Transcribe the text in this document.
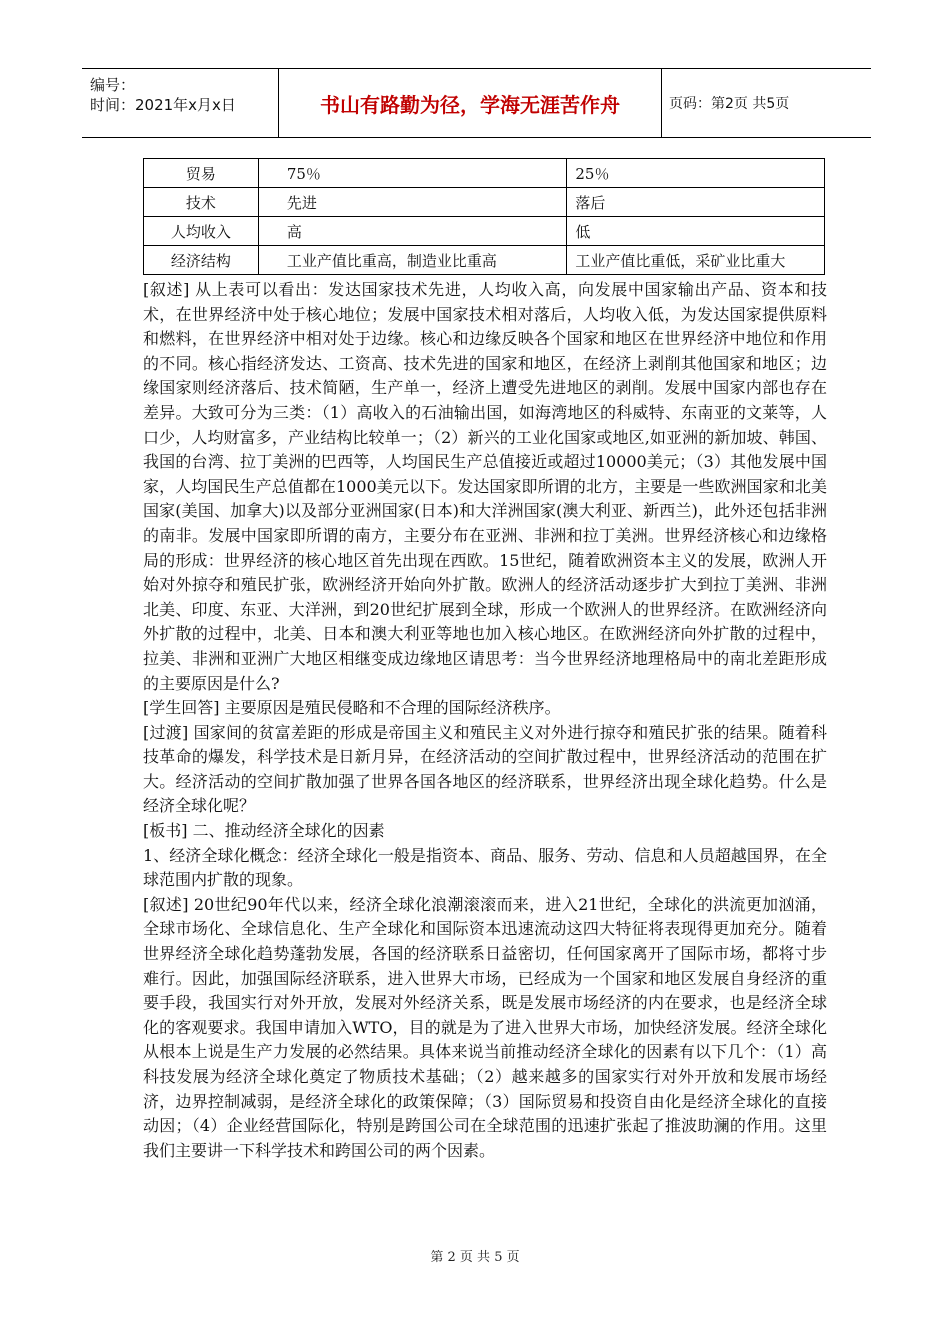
编号：
时间：2021年x月x日	书山有路勤为径，学海无涯苦作舟	页码：第2页 共5页
贸易	75％	25％
技术	先进	落后
人均收入	高	低
经济结构	工业产值比重高，制造业比重高	工业产值比重低，采矿业比重大

[叙述] 从上表可以看出：发达国家技术先进，人均收入高，向发展中国家输出产品、资本和技术，在世界经济中处于核心地位；发展中国家技术相对落后，人均收入低，为发达国家提供原料和燃料，在世界经济中相对处于边缘。核心和边缘反映各个国家和地区在世界经济中地位和作用的不同。核心指经济发达、工资高、技术先进的国家和地区，在经济上剥削其他国家和地区；边缘国家则经济落后、技术简陋，生产单一，经济上遭受先进地区的剥削。发展中国家内部也存在差异。大致可分为三类：（1）高收入的石油输出国，如海湾地区的科威特、东南亚的文莱等，人口少，人均财富多，产业结构比较单一；（2）新兴的工业化国家或地区,如亚洲的新加坡、韩国、我国的台湾、拉丁美洲的巴西等，人均国民生产总值接近或超过10000美元；（3）其他发展中国家，人均国民生产总值都在1000美元以下。发达国家即所谓的北方，主要是一些欧洲国家和北美国家(美国、加拿大)以及部分亚洲国家(日本)和大洋洲国家(澳大利亚、新西兰)，此外还包括非洲的南非。发展中国家即所谓的南方，主要分布在亚洲、非洲和拉丁美洲。世界经济核心和边缘格局的形成：世界经济的核心地区首先出现在西欧。15世纪，随着欧洲资本主义的发展，欧洲人开始对外掠夺和殖民扩张，欧洲经济开始向外扩散。欧洲人的经济活动逐步扩大到拉丁美洲、非洲北美、印度、东亚、大洋洲，到20世纪扩展到全球，形成一个欧洲人的世界经济。在欧洲经济向外扩散的过程中，北美、日本和澳大利亚等地也加入核心地区。在欧洲经济向外扩散的过程中，拉美、非洲和亚洲广大地区相继变成边缘地区请思考：当今世界经济地理格局中的南北差距形成的主要原因是什么?

[学生回答] 主要原因是殖民侵略和不合理的国际经济秩序。

[过渡] 国家间的贫富差距的形成是帝国主义和殖民主义对外进行掠夺和殖民扩张的结果。随着科技革命的爆发，科学技术是日新月异，在经济活动的空间扩散过程中，世界经济活动的范围在扩大。经济活动的空间扩散加强了世界各国各地区的经济联系，世界经济出现全球化趋势。什么是经济全球化呢？

[板书] 二、推动经济全球化的因素

1、经济全球化概念：经济全球化一般是指资本、商品、服务、劳动、信息和人员超越国界，在全球范围内扩散的现象。

[叙述] 20世纪90年代以来，经济全球化浪潮滚滚而来，进入21世纪，全球化的洪流更加汹涌，全球市场化、全球信息化、生产全球化和国际资本迅速流动这四大特征将表现得更加充分。随着世界经济全球化趋势蓬勃发展，各国的经济联系日益密切，任何国家离开了国际市场，都将寸步难行。因此，加强国际经济联系，进入世界大市场，已经成为一个国家和地区发展自身经济的重要手段，我国实行对外开放，发展对外经济关系，既是发展市场经济的内在要求，也是经济全球化的客观要求。我国申请加入WTO，目的就是为了进入世界大市场，加快经济发展。经济全球化从根本上说是生产力发展的必然结果。具体来说当前推动经济全球化的因素有以下几个：（1）高科技发展为经济全球化奠定了物质技术基础；（2）越来越多的国家实行对外开放和发展市场经济，边界控制减弱，是经济全球化的政策保障；（3）国际贸易和投资自由化是经济全球化的直接动因；（4）企业经营国际化，特别是跨国公司在全球范围的迅速扩张起了推波助澜的作用。这里我们主要讲一下科学技术和跨国公司的两个因素。

第 2 页 共 5 页
